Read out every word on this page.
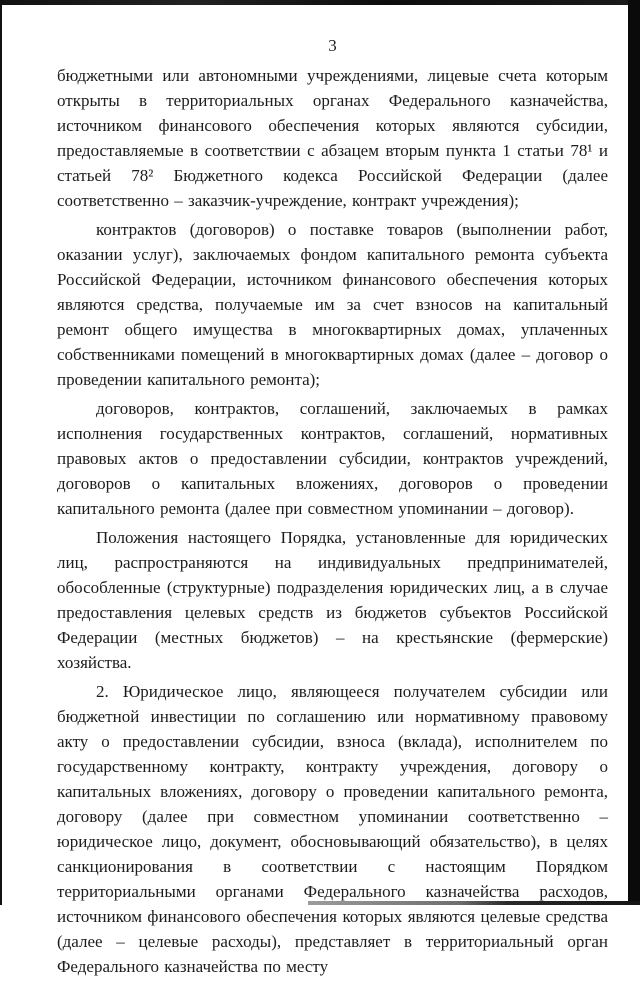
3

бюджетными или автономными учреждениями, лицевые счета которым открыты в территориальных органах Федерального казначейства, источником финансового обеспечения которых являются субсидии, предоставляемые в соответствии с абзацем вторым пункта 1 статьи 78¹ и статьей 78² Бюджетного кодекса Российской Федерации (далее соответственно – заказчик-учреждение, контракт учреждения);

контрактов (договоров) о поставке товаров (выполнении работ, оказании услуг), заключаемых фондом капитального ремонта субъекта Российской Федерации, источником финансового обеспечения которых являются средства, получаемые им за счет взносов на капитальный ремонт общего имущества в многоквартирных домах, уплаченных собственниками помещений в многоквартирных домах (далее – договор о проведении капитального ремонта);

договоров, контрактов, соглашений, заключаемых в рамках исполнения государственных контрактов, соглашений, нормативных правовых актов о предоставлении субсидии, контрактов учреждений, договоров о капитальных вложениях, договоров о проведении капитального ремонта (далее при совместном упоминании – договор).

Положения настоящего Порядка, установленные для юридических лиц, распространяются на индивидуальных предпринимателей, обособленные (структурные) подразделения юридических лиц, а в случае предоставления целевых средств из бюджетов субъектов Российской Федерации (местных бюджетов) – на крестьянские (фермерские) хозяйства.

2. Юридическое лицо, являющееся получателем субсидии или бюджетной инвестиции по соглашению или нормативному правовому акту о предоставлении субсидии, взноса (вклада), исполнителем по государственному контракту, контракту учреждения, договору о капитальных вложениях, договору о проведении капитального ремонта, договору (далее при совместном упоминании соответственно – юридическое лицо, документ, обосновывающий обязательство), в целях санкционирования в соответствии с настоящим Порядком территориальными органами Федерального казначейства расходов, источником финансового обеспечения которых являются целевые средства (далее – целевые расходы), представляет в территориальный орган Федерального казначейства по месту
